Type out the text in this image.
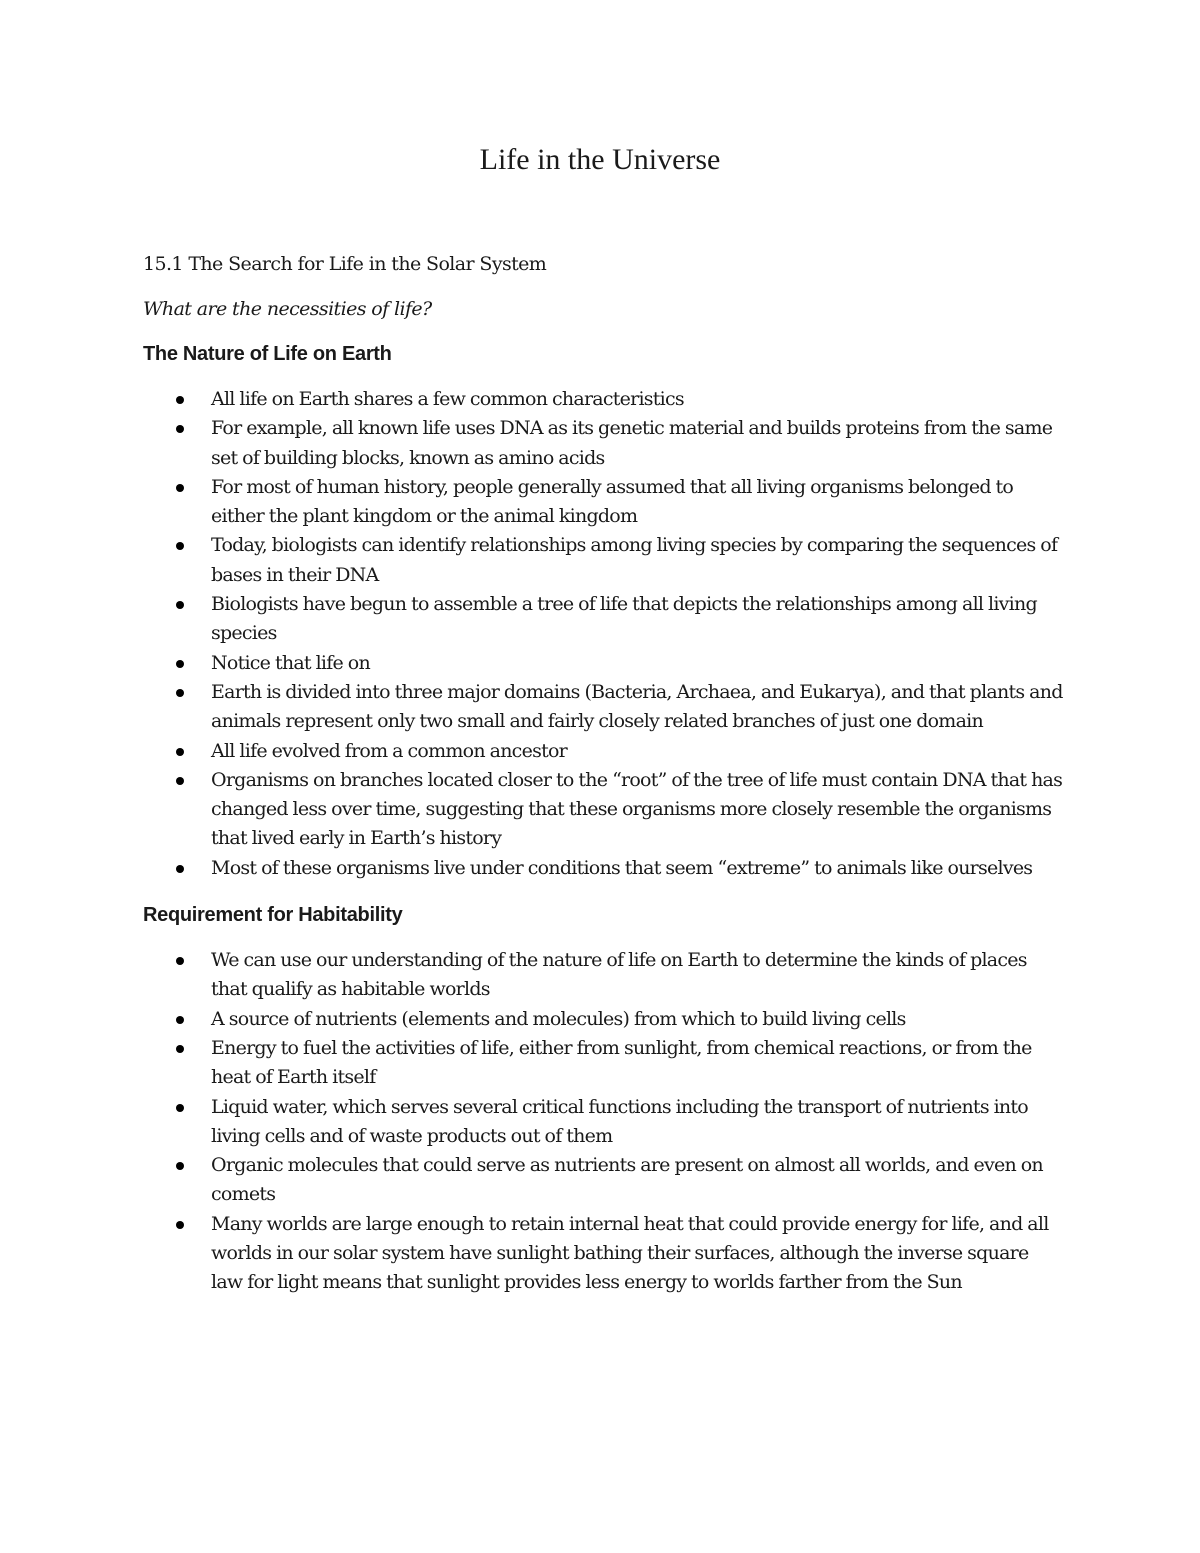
Life in the Universe

15.1 The Search for Life in the Solar System

What are the necessities of life?

The Nature of Life on Earth

All life on Earth shares a few common characteristics
For example, all known life uses DNA as its genetic material and builds proteins from the same set of building blocks, known as amino acids
For most of human history, people generally assumed that all living organisms belonged to either the plant kingdom or the animal kingdom
Today, biologists can identify relationships among living species by comparing the sequences of bases in their DNA
Biologists have begun to assemble a tree of life that depicts the relationships among all living species
Notice that life on
Earth is divided into three major domains (Bacteria, Archaea, and Eukarya), and that plants and animals represent only two small and fairly closely related branches of just one domain
All life evolved from a common ancestor
Organisms on branches located closer to the “root” of the tree of life must contain DNA that has changed less over time, suggesting that these organisms more closely resemble the organisms that lived early in Earth’s history
Most of these organisms live under conditions that seem “extreme” to animals like ourselves

Requirement for Habitability

We can use our understanding of the nature of life on Earth to determine the kinds of places that qualify as habitable worlds
A source of nutrients (elements and molecules) from which to build living cells
Energy to fuel the activities of life, either from sunlight, from chemical reactions, or from the heat of Earth itself
Liquid water, which serves several critical functions including the transport of nutrients into living cells and of waste products out of them
Organic molecules that could serve as nutrients are present on almost all worlds, and even on comets
Many worlds are large enough to retain internal heat that could provide energy for life, and all worlds in our solar system have sunlight bathing their surfaces, although the inverse square law for light means that sunlight provides less energy to worlds farther from the Sun
